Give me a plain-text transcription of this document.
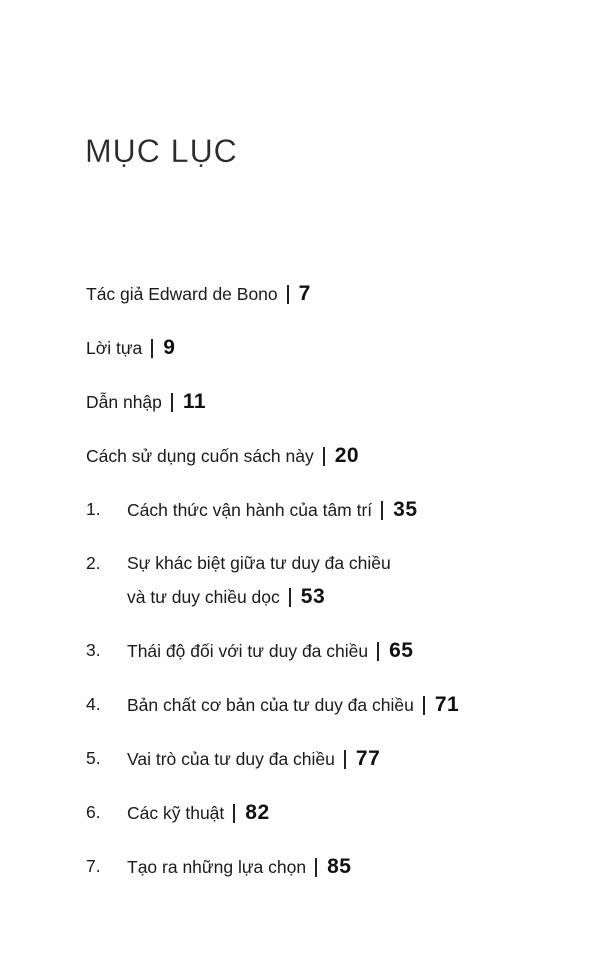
MỤC LỤC
Tác giả Edward de Bono 7
Lời tựa 9
Dẫn nhập 11
Cách sử dụng cuốn sách này 20
1.	Cách thức vận hành của tâm trí 35
2.	Sự khác biệt giữa tư duy đa chiều
và tư duy chiều dọc 53
3.	Thái độ đối với tư duy đa chiều 65
4.	Bản chất cơ bản của tư duy đa chiều 71
5.	Vai trò của tư duy đa chiều 77
6.	Các kỹ thuật 82
7.	Tạo ra những lựa chọn 85
